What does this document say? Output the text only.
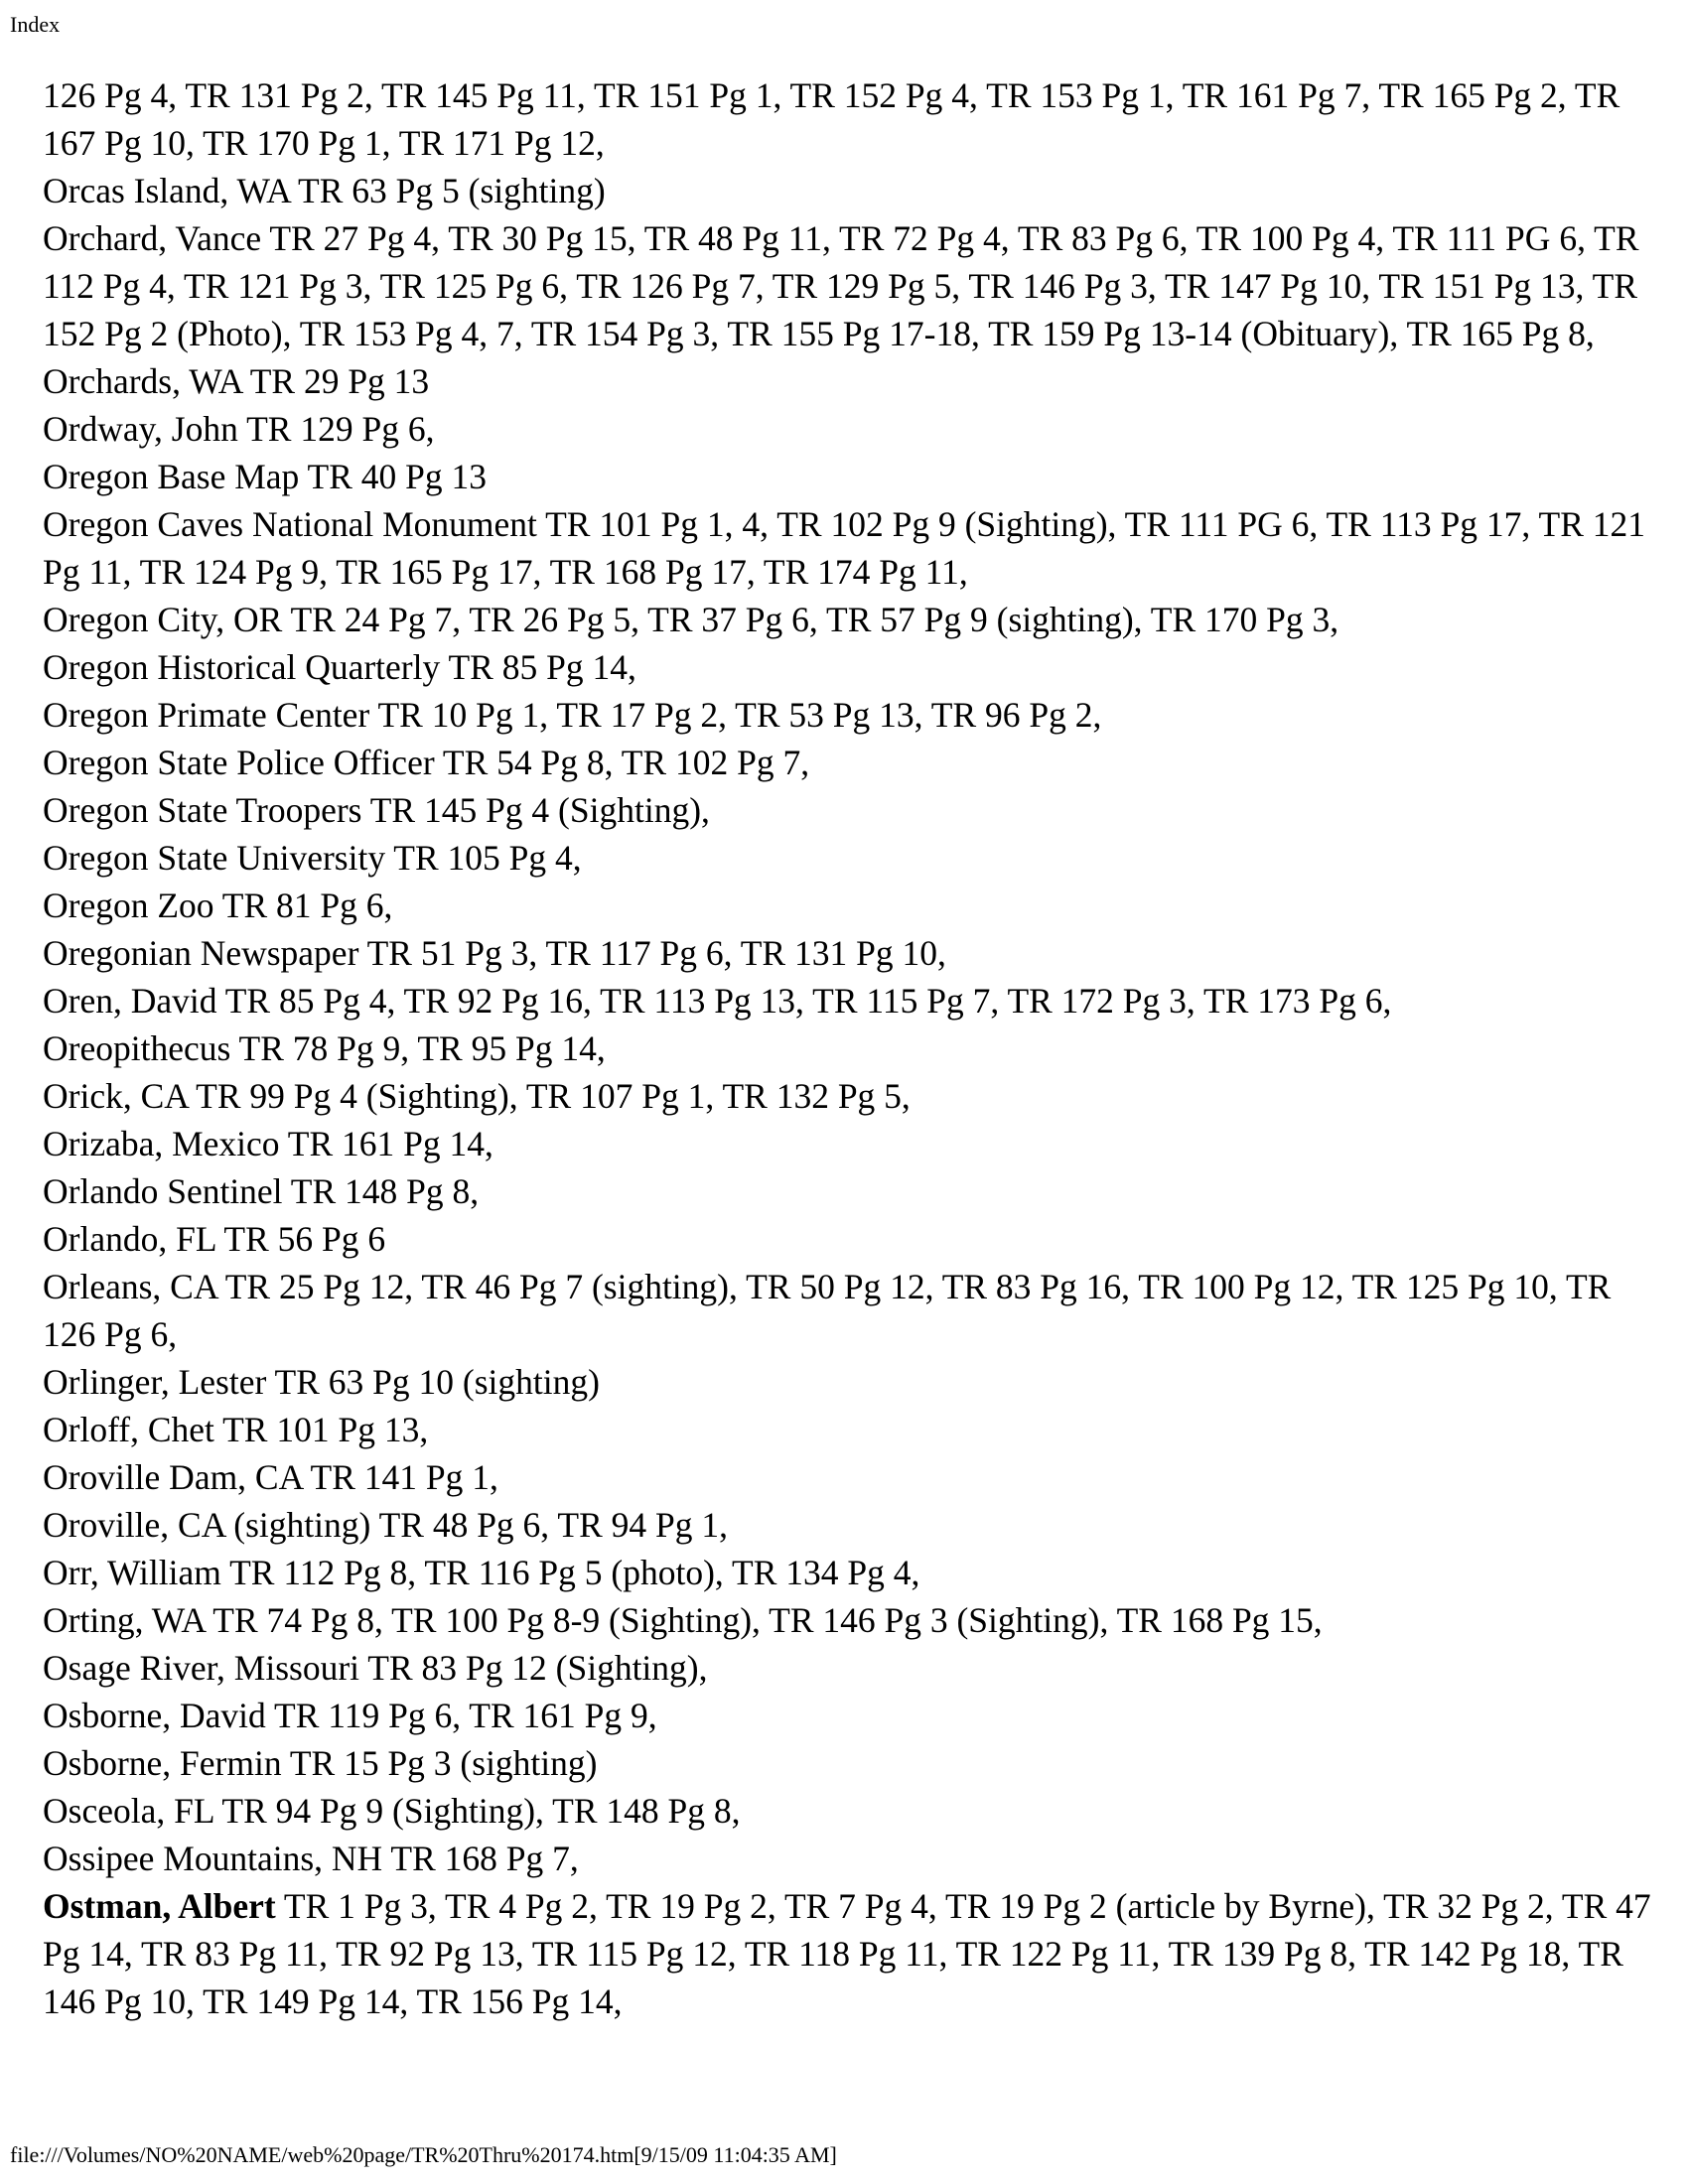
Index

126 Pg 4, TR 131 Pg 2, TR 145 Pg 11, TR 151 Pg 1, TR 152 Pg 4, TR 153 Pg 1, TR 161 Pg 7, TR 165 Pg 2, TR 167 Pg 10, TR 170 Pg 1, TR 171 Pg 12,

Orcas Island, WA TR 63 Pg 5 (sighting)

Orchard, Vance TR 27 Pg 4, TR 30 Pg 15, TR 48 Pg 11, TR 72 Pg 4, TR 83 Pg 6, TR 100 Pg 4, TR 111 PG 6, TR 112 Pg 4, TR 121 Pg 3, TR 125 Pg 6, TR 126 Pg 7, TR 129 Pg 5, TR 146 Pg 3, TR 147 Pg 10, TR 151 Pg 13, TR 152 Pg 2 (Photo), TR 153 Pg 4, 7, TR 154 Pg 3, TR 155 Pg 17-18, TR 159 Pg 13-14 (Obituary), TR 165 Pg 8,

Orchards, WA TR 29 Pg 13

Ordway, John TR 129 Pg 6,

Oregon Base Map TR 40 Pg 13

Oregon Caves National Monument TR 101 Pg 1, 4, TR 102 Pg 9 (Sighting), TR 111 PG 6, TR 113 Pg 17, TR 121 Pg 11, TR 124 Pg 9, TR 165 Pg 17, TR 168 Pg 17, TR 174 Pg 11,

Oregon City, OR TR 24 Pg 7, TR 26 Pg 5, TR 37 Pg 6, TR 57 Pg 9 (sighting), TR 170 Pg 3,

Oregon Historical Quarterly TR 85 Pg 14,

Oregon Primate Center TR 10 Pg 1, TR 17 Pg 2, TR 53 Pg 13, TR 96 Pg 2,

Oregon State Police Officer TR 54 Pg 8, TR 102 Pg 7,

Oregon State Troopers TR 145 Pg 4 (Sighting),

Oregon State University TR 105 Pg 4,

Oregon Zoo TR 81 Pg 6,

Oregonian Newspaper TR 51 Pg 3, TR 117 Pg 6, TR 131 Pg 10,

Oren, David TR 85 Pg 4, TR 92 Pg 16, TR 113 Pg 13, TR 115 Pg 7, TR 172 Pg 3, TR 173 Pg 6,

Oreopithecus TR 78 Pg 9, TR 95 Pg 14,

Orick, CA TR 99 Pg 4 (Sighting), TR 107 Pg 1, TR 132 Pg 5,

Orizaba, Mexico TR 161 Pg 14,

Orlando Sentinel TR 148 Pg 8,

Orlando, FL TR 56 Pg 6

Orleans, CA TR 25 Pg 12, TR 46 Pg 7 (sighting), TR 50 Pg 12, TR 83 Pg 16, TR 100 Pg 12, TR 125 Pg 10, TR 126 Pg 6,

Orlinger, Lester TR 63 Pg 10 (sighting)

Orloff, Chet TR 101 Pg 13,

Oroville Dam, CA TR 141 Pg 1,

Oroville, CA (sighting) TR 48 Pg 6, TR 94 Pg 1,

Orr, William TR 112 Pg 8, TR 116 Pg 5 (photo), TR 134 Pg 4,

Orting, WA TR 74 Pg 8, TR 100 Pg 8-9 (Sighting), TR 146 Pg 3 (Sighting), TR 168 Pg 15,

Osage River, Missouri TR 83 Pg 12 (Sighting),

Osborne, David TR 119 Pg 6, TR 161 Pg 9,

Osborne, Fermin TR 15 Pg 3 (sighting)

Osceola, FL TR 94 Pg 9 (Sighting), TR 148 Pg 8,

Ossipee Mountains, NH TR 168 Pg 7,

Ostman, Albert TR 1 Pg 3, TR 4 Pg 2, TR 19 Pg 2, TR 7 Pg 4, TR 19 Pg 2 (article by Byrne), TR 32 Pg 2, TR 47 Pg 14, TR 83 Pg 11, TR 92 Pg 13, TR 115 Pg 12, TR 118 Pg 11, TR 122 Pg 11, TR 139 Pg 8, TR 142 Pg 18, TR 146 Pg 10, TR 149 Pg 14, TR 156 Pg 14,

file:///Volumes/NO%20NAME/web%20page/TR%20Thru%20174.htm[9/15/09 11:04:35 AM]
